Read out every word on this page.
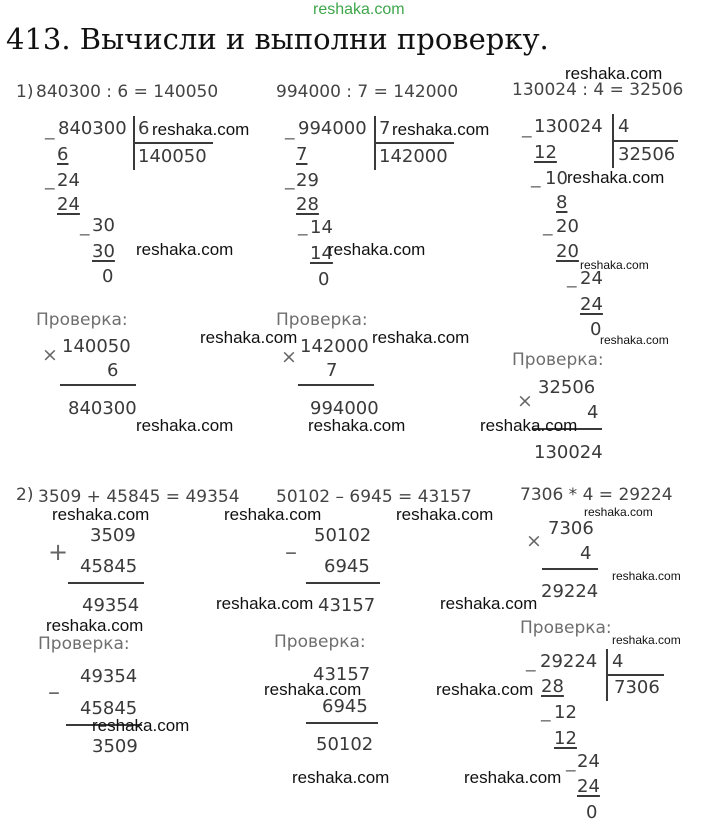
reshaka.com
413. Вычисли и выполни проверку.
1) 840300 : 6 = 140050	994000 : 7 = 142000	130024 : 4 = 32506
_ 840300 6
140050
6
_ 24
24
_ 30
30
0
_ 994000 7
142000
7
_ 29
28
_ 14
14
0
_ 130024 4
32506
12
_ 10
8
_ 20
20
_ 24
24
0
Проверка:
× 140050
6
840300
Проверка:
× 142000
7
994000
Проверка:
×
32506
4
130024
2) 3509 + 45845 = 49354 50102 – 6945 = 43157	7306 * 4 = 29224
3509
+
45845
49354
50102
–
6945
43157
×
7306
4
29224
Проверка:
49354
–
45845
3509
Проверка:
43157
6945
50102
Проверка:
_ 29224 4
7306
28
_ 12
12
_ 24
24
0
reshaka.com
reshaka.com	reshaka.com
reshaka.com
reshaka.com	reshaka.com
reshaka.com
reshaka.com	reshaka.com	reshaka.com
reshaka.com	reshaka.com	reshaka.com
reshaka.com	reshaka.com	reshaka.com	reshaka.com
reshaka.com
reshaka.com	reshaka.com
reshaka.com
reshaka.com
reshaka.com	reshaka.com
reshaka.com
reshaka.com	reshaka.com
